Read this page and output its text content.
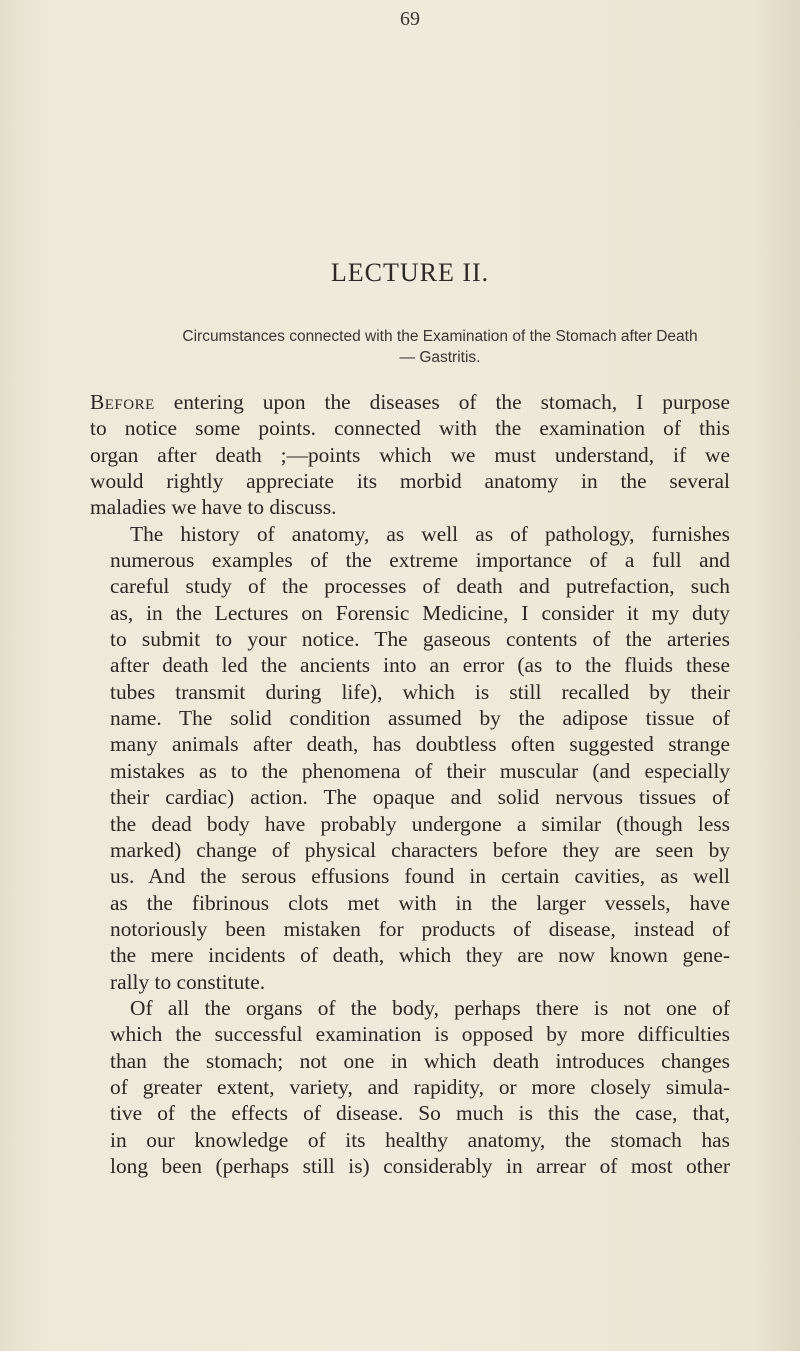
69
LECTURE II.
Circumstances connected with the Examination of the Stomach after Death— Gastritis.
Before entering upon the diseases of the stomach, I purpose
to notice some points. connected with the examination of this
organ after death ;—points which we must understand, if we
would rightly appreciate its morbid anatomy in the several
maladies we have to discuss.
The history of anatomy, as well as of pathology, furnishes
numerous examples of the extreme importance of a full and
careful study of the processes of death and putrefaction, such
as, in the Lectures on Forensic Medicine, I consider it my duty
to submit to your notice. The gaseous contents of the arteries
after death led the ancients into an error (as to the fluids these
tubes transmit during life), which is still recalled by their
name. The solid condition assumed by the adipose tissue of
many animals after death, has doubtless often suggested strange
mistakes as to the phenomena of their muscular (and especially
their cardiac) action. The opaque and solid nervous tissues of
the dead body have probably undergone a similar (though less
marked) change of physical characters before they are seen by
us. And the serous effusions found in certain cavities, as well
as the fibrinous clots met with in the larger vessels, have
notoriously been mistaken for products of disease, instead of
the mere incidents of death, which they are now known gene-
rally to constitute.
Of all the organs of the body, perhaps there is not one of
which the successful examination is opposed by more difficulties
than the stomach; not one in which death introduces changes
of greater extent, variety, and rapidity, or more closely simula-
tive of the effects of disease. So much is this the case, that,
in our knowledge of its healthy anatomy, the stomach has
long been (perhaps still is) considerably in arrear of most other
